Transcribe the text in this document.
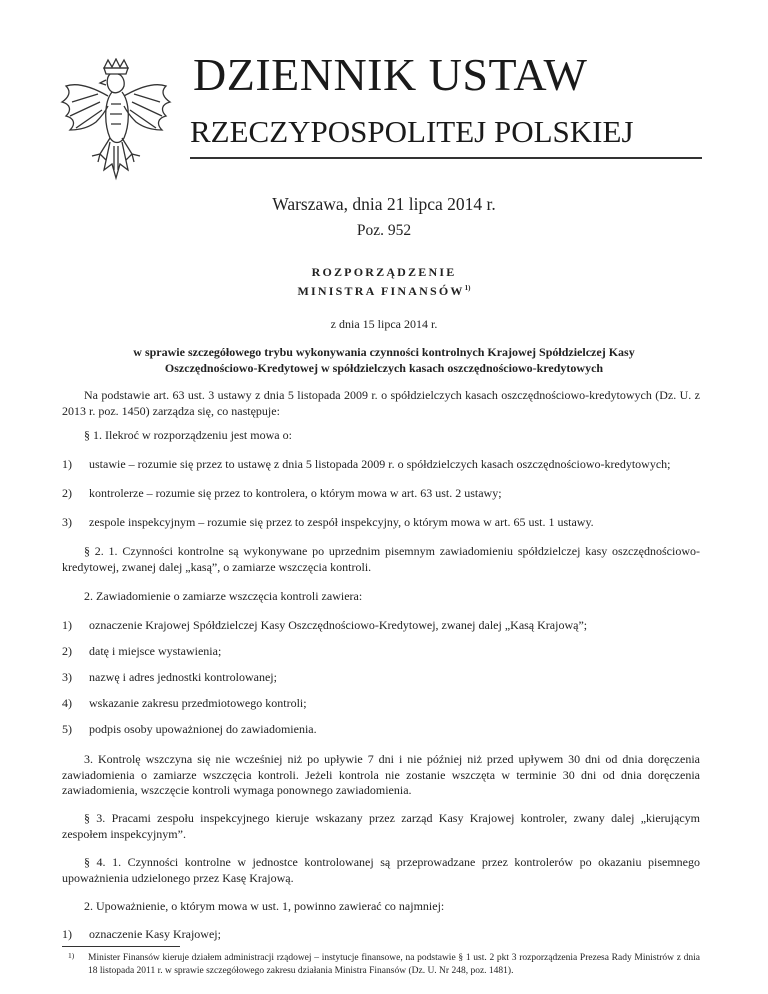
DZIENNIK USTAW
RZECZYPOSPOLITEJ POLSKIEJ
Warszawa, dnia 21 lipca 2014 r.
Poz. 952
ROZPORZĄDZENIE
MINISTRA FINANSÓW$^{1)}$
z dnia 15 lipca 2014 r.
w sprawie szczegółowego trybu wykonywania czynności kontrolnych Krajowej Spółdzielczej Kasy Oszczędnościowo-Kredytowej w spółdzielczych kasach oszczędnościowo-kredytowych
Na podstawie art. 63 ust. 3 ustawy z dnia 5 listopada 2009 r. o spółdzielczych kasach oszczędnościowo-kredytowych (Dz. U. z 2013 r. poz. 1450) zarządza się, co następuje:
§ 1. Ilekroć w rozporządzeniu jest mowa o:
1) ustawie – rozumie się przez to ustawę z dnia 5 listopada 2009 r. o spółdzielczych kasach oszczędnościowo-kredytowych;
2) kontrolerze – rozumie się przez to kontrolera, o którym mowa w art. 63 ust. 2 ustawy;
3) zespole inspekcyjnym – rozumie się przez to zespół inspekcyjny, o którym mowa w art. 65 ust. 1 ustawy.
§ 2. 1. Czynności kontrolne są wykonywane po uprzednim pisemnym zawiadomieniu spółdzielczej kasy oszczędnościowo-kredytowej, zwanej dalej „kasą”, o zamiarze wszczęcia kontroli.
2. Zawiadomienie o zamiarze wszczęcia kontroli zawiera:
1) oznaczenie Krajowej Spółdzielczej Kasy Oszczędnościowo-Kredytowej, zwanej dalej „Kasą Krajową”;
2) datę i miejsce wystawienia;
3) nazwę i adres jednostki kontrolowanej;
4) wskazanie zakresu przedmiotowego kontroli;
5) podpis osoby upoważnionej do zawiadomienia.
3. Kontrolę wszczyna się nie wcześniej niż po upływie 7 dni i nie później niż przed upływem 30 dni od dnia doręczenia zawiadomienia o zamiarze wszczęcia kontroli. Jeżeli kontrola nie zostanie wszczęta w terminie 30 dni od dnia doręczenia zawiadomienia, wszczęcie kontroli wymaga ponownego zawiadomienia.
§ 3. Pracami zespołu inspekcyjnego kieruje wskazany przez zarząd Kasy Krajowej kontroler, zwany dalej „kierującym zespołem inspekcyjnym”.
§ 4. 1. Czynności kontrolne w jednostce kontrolowanej są przeprowadzane przez kontrolerów po okazaniu pisemnego upoważnienia udzielonego przez Kasę Krajową.
1) Minister Finansów kieruje działem administracji rządowej – instytucje finansowe, na podstawie § 1 ust. 2 pkt 3 rozporządzenia Prezesa Rady Ministrów z dnia 18 listopada 2011 r. w sprawie szczegółowego zakresu działania Ministra Finansów (Dz. U. Nr 248, poz. 1481).
2. Upoważnienie, o którym mowa w ust. 1, powinno zawierać co najmniej:
1) oznaczenie Kasy Krajowej;
